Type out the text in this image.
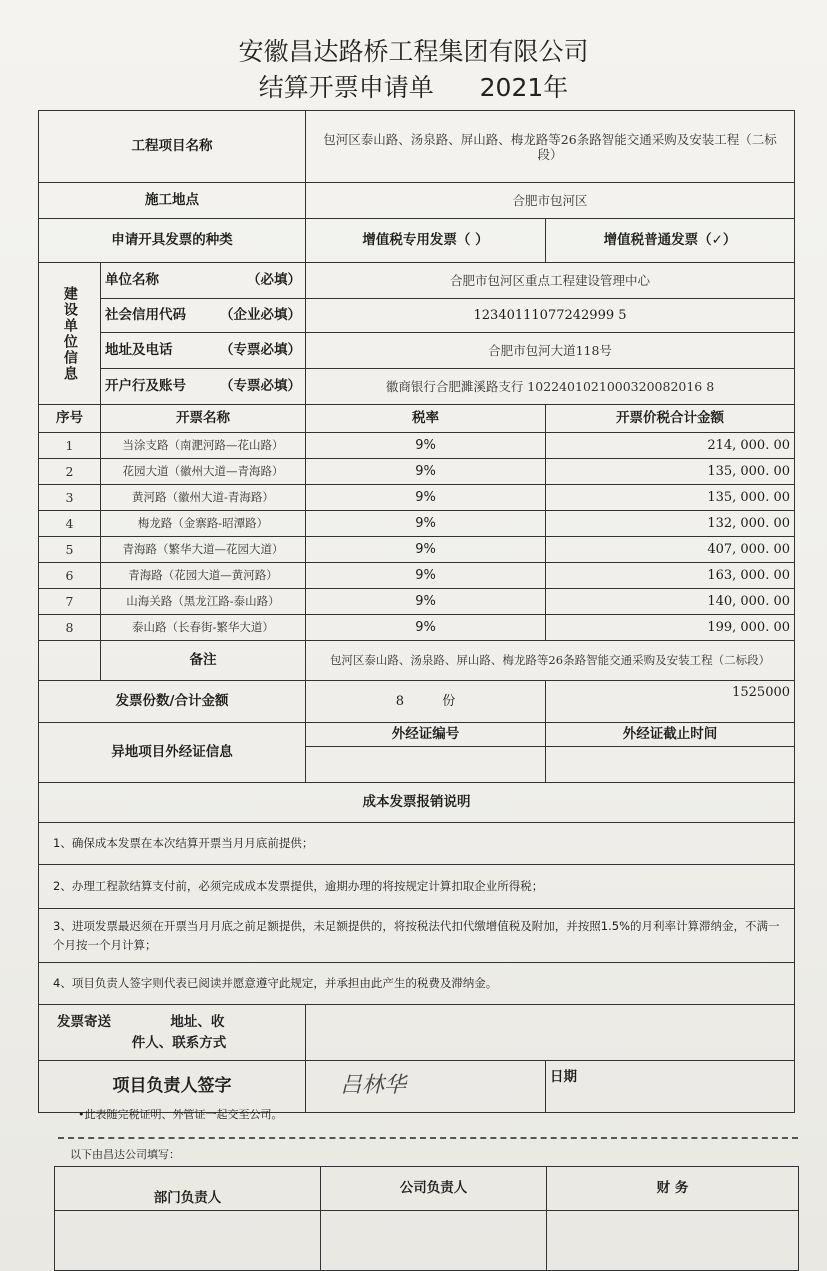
安徽昌达路桥工程集团有限公司
结算开票申请单 2021年
工程项目名称		包河区泰山路、汤泉路、屏山路、梅龙路等26条路智能交通采购及安装工程（二标段）	
施工地点		合肥市包河区	
申请开具发票的种类		增值税专用发票（ ）	增值税普通发票（✓）

建设单位信息	单位名称 （必填）	合肥市包河区重点工程建设管理中心	
	社会信用代码 （企业必填）	12340111077242999 5	
	地址及电话 （专票必填）	合肥市包河大道118号	
	开户行及账号 （专票必填）	徽商银行合肥濉溪路支行 1022401021000320082016 8	
序号	开票名称	税率	开票价税合计金额
1	当涂支路（南淝河路—花山路）	9%	214, 000. 00
2	花园大道（徽州大道—青海路）	9%	135, 000. 00
3	黄河路（徽州大道-青海路）	9%	135, 000. 00
4	梅龙路（金寨路-昭潭路）	9%	132, 000. 00
5	青海路（繁华大道—花园大道）	9%	407, 000. 00
6	青海路（花园大道—黄河路）	9%	163, 000. 00
7	山海关路（黑龙江路-泰山路）	9%	140, 000. 00
8	泰山路（长春街-繁华大道）	9%	199, 000. 00
	备注	包河区泰山路、汤泉路、屏山路、梅龙路等26条路智能交通采购及安装工程（二标段）	
发票份数/合计金额		8 份	1525000
异地项目外经证信息		外经证编号	外经证截止时间

成本发票报销说明			
1、确保成本发票在本次结算开票当月月底前提供；			
2、办理工程款结算支付前，必须完成成本发票提供，逾期办理的将按规定计算扣取企业所得税；			
3、进项发票最迟须在开票当月月底之前足额提供，未足额提供的，将按税法代扣代缴增值税及附加，并按照1.5%的月利率计算滞纳金，不满一个月按一个月计算；			
4、项目负责人签字则代表已阅读并愿意遵守此规定，并承担由此产生的税费及滞纳金。			
发票寄送 地址、收
件人、联系方式			
项目负责人签字		吕林华	日期
•此表随完税证明、外管证一起交至公司。
以下由昌达公司填写：
部门负责人	公司负责人	财 务
